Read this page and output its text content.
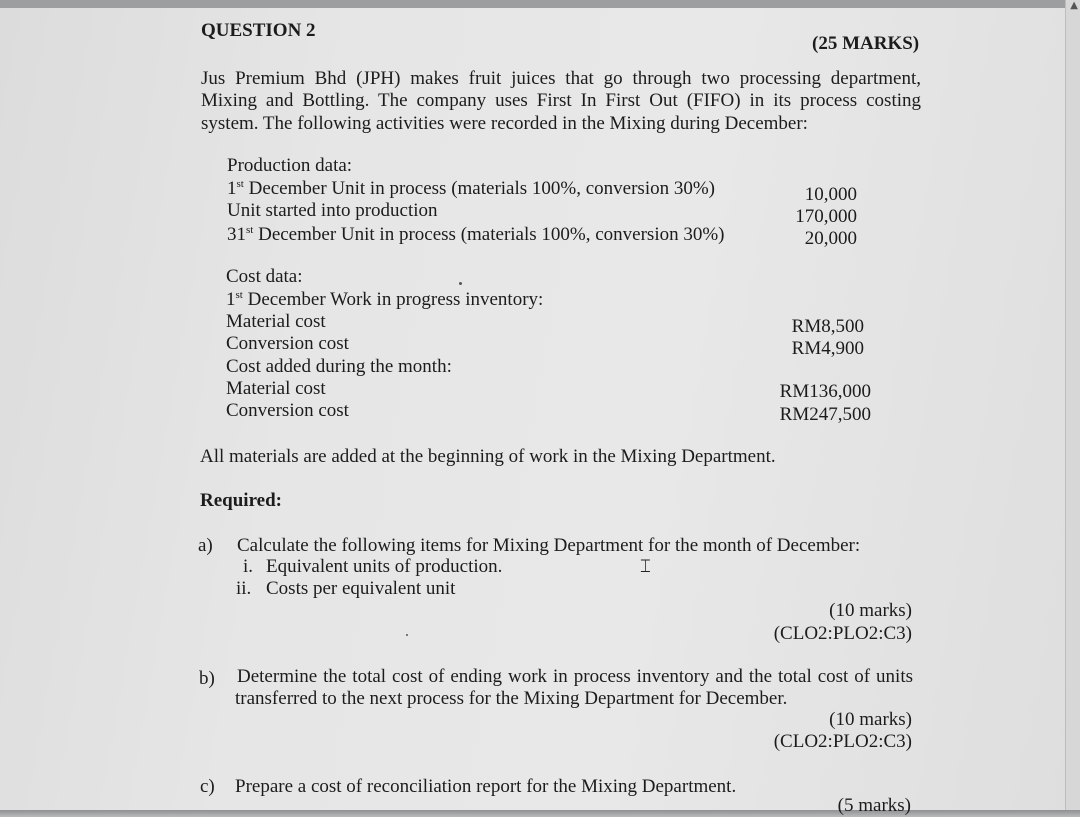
▲
QUESTION 2
(25 MARKS)
Jus Premium Bhd (JPH) makes fruit juices that go through two processing department,
Mixing and Bottling. The company uses First In First Out (FIFO) in its process costing
system. The following activities were recorded in the Mixing during December:
Production data:
1st December Unit in process (materials 100%, conversion 30%)	10,000
Unit started into production	170,000
31st December Unit in process (materials 100%, conversion 30%)	20,000
Cost data:
1st December Work in progress inventory:
Material cost	RM8,500
Conversion cost	RM4,900
Cost added during the month:
Material cost	RM136,000
Conversion cost	RM247,500
All materials are added at the beginning of work in the Mixing Department.
Required:
a) Calculate the following items for Mixing Department for the month of December:
i. Equivalent units of production.
ii. Costs per equivalent unit
⌶
(10 marks)
(CLO2:PLO2:C3)
b) Determine the total cost of ending work in process inventory and the total cost of units
transferred to the next process for the Mixing Department for December.
(10 marks)
(CLO2:PLO2:C3)
c) Prepare a cost of reconciliation report for the Mixing Department.
(5 marks)
